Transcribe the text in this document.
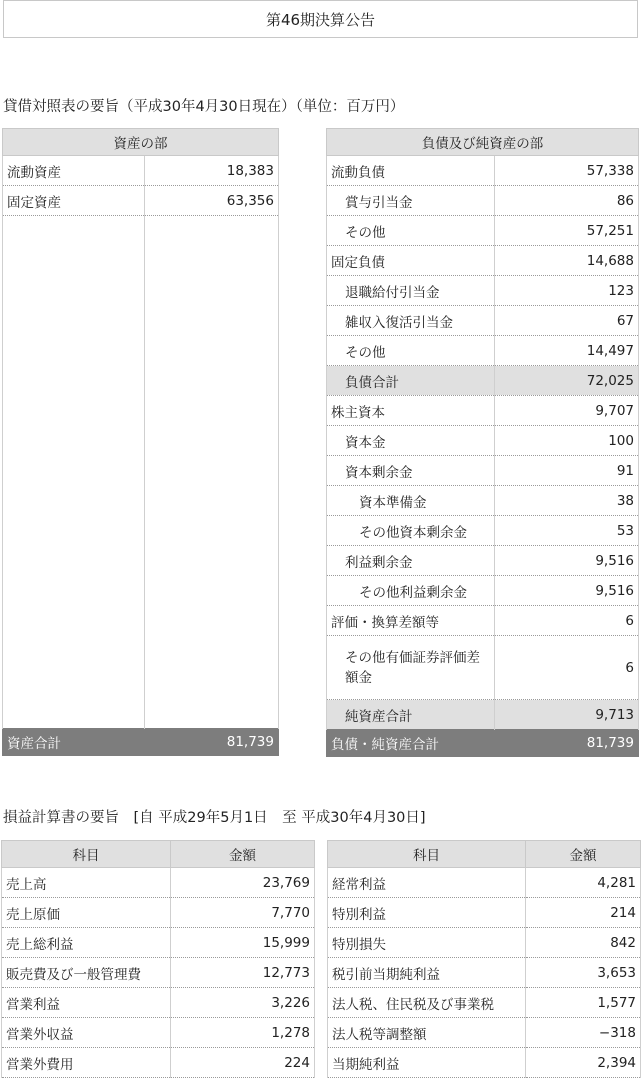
第46期決算公告
貸借対照表の要旨（平成30年4月30日現在）（単位：百万円）
資産の部	
流動資産	18,383
固定資産	63,356

資産合計	81,739
負債及び純資産の部	
流動負債	57,338
賞与引当金	86
その他	57,251
固定負債	14,688
退職給付引当金	123
雑収入復活引当金	67
その他	14,497
負債合計	72,025
株主資本	9,707
資本金	100
資本剰余金	91
資本準備金	38
その他資本剰余金	53
利益剰余金	9,516
その他利益剰余金	9,516
評価・換算差額等	6
その他有価証券評価差額金	6
純資産合計	9,713
負債・純資産合計	81,739
損益計算書の要旨　[自 平成29年5月1日　至 平成30年4月30日]
科目	金額
売上高	23,769
売上原価	7,770
売上総利益	15,999
販売費及び一般管理費	12,773
営業利益	3,226
営業外収益	1,278
営業外費用	224
科目	金額
経常利益	4,281
特別利益	214
特別損失	842
税引前当期純利益	3,653
法人税、住民税及び事業税	1,577
法人税等調整額	−318
当期純利益	2,394
